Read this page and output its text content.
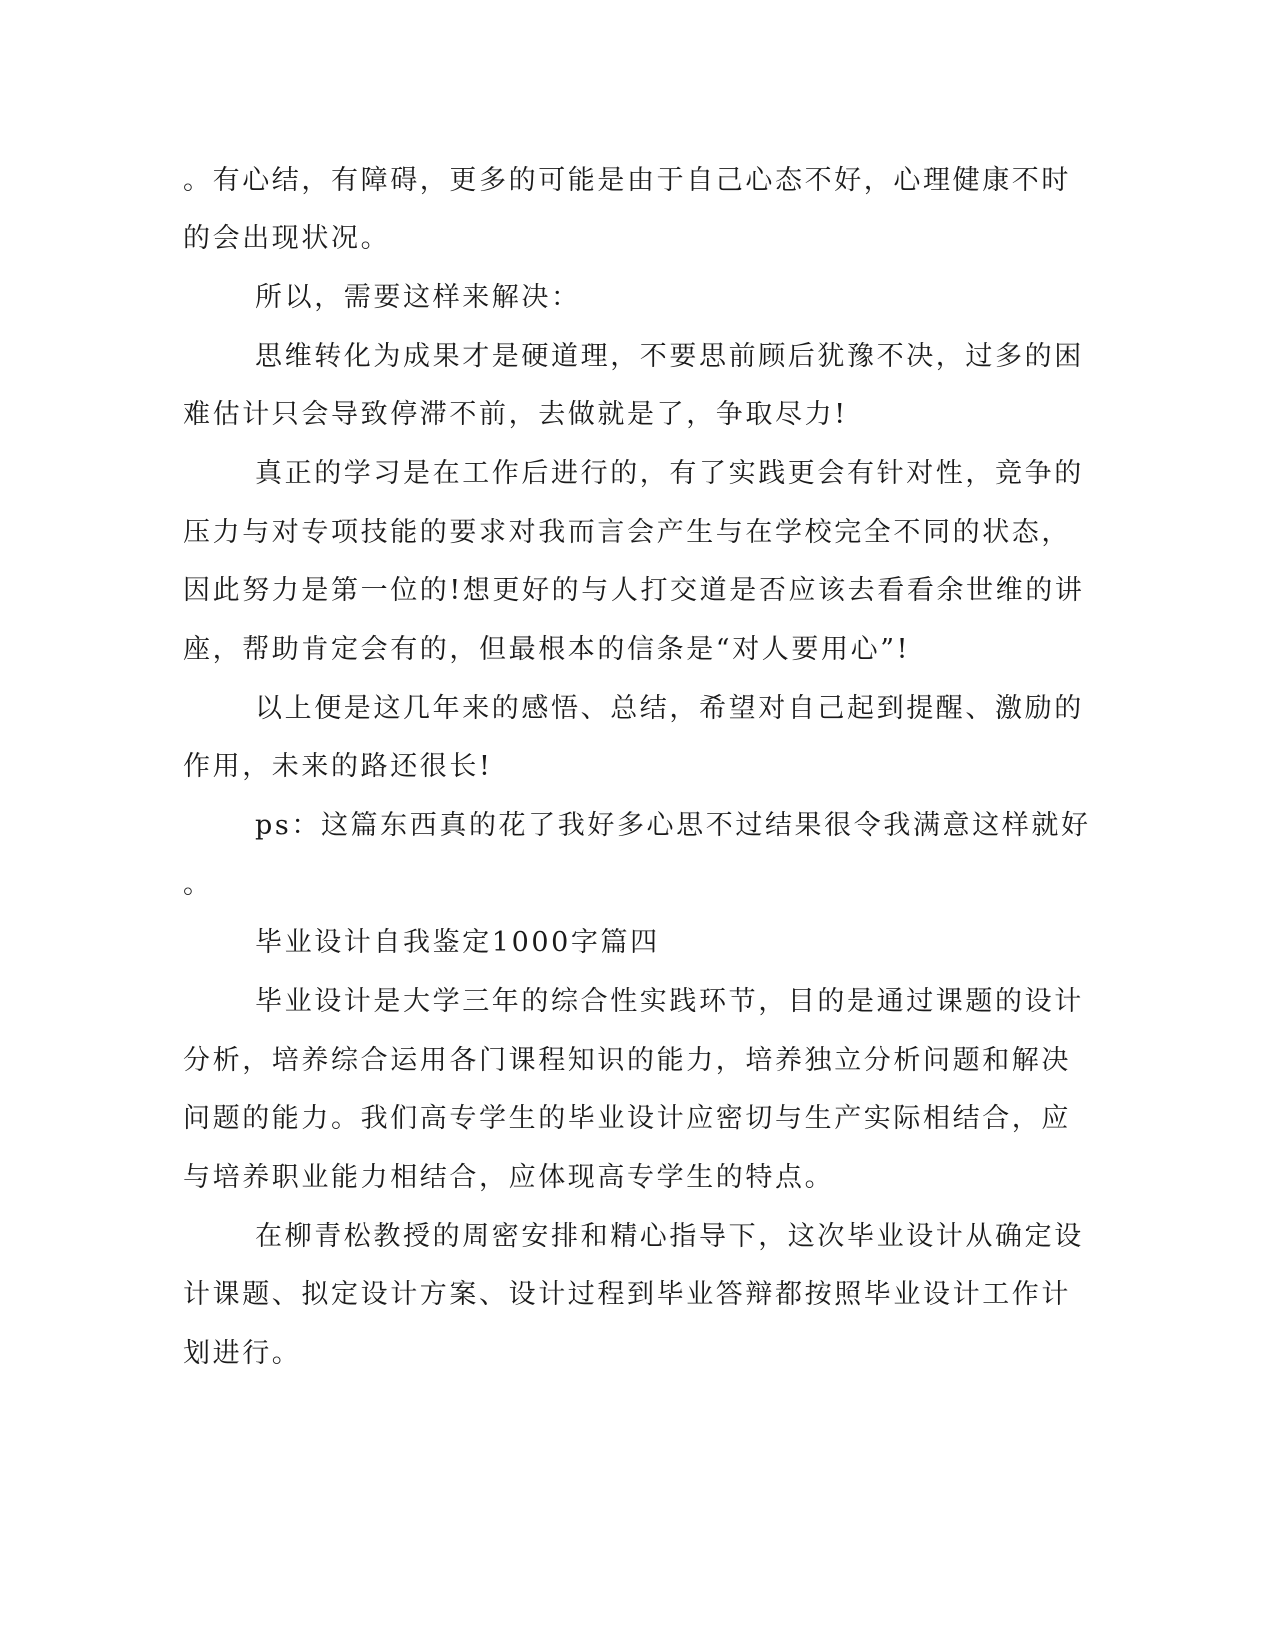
。有心结，有障碍，更多的可能是由于自己心态不好，心理健康不时
的会出现状况。
所以，需要这样来解决：
思维转化为成果才是硬道理，不要思前顾后犹豫不决，过多的困
难估计只会导致停滞不前，去做就是了，争取尽力!
真正的学习是在工作后进行的，有了实践更会有针对性，竞争的
压力与对专项技能的要求对我而言会产生与在学校完全不同的状态，
因此努力是第一位的!想更好的与人打交道是否应该去看看余世维的讲
座，帮助肯定会有的，但最根本的信条是“对人要用心”!
以上便是这几年来的感悟、总结，希望对自己起到提醒、激励的
作用，未来的路还很长!
ps：这篇东西真的花了我好多心思不过结果很令我满意这样就好
。
毕业设计自我鉴定1000字篇四
毕业设计是大学三年的综合性实践环节，目的是通过课题的设计
分析，培养综合运用各门课程知识的能力，培养独立分析问题和解决
问题的能力。我们高专学生的毕业设计应密切与生产实际相结合，应
与培养职业能力相结合，应体现高专学生的特点。
在柳青松教授的周密安排和精心指导下，这次毕业设计从确定设
计课题、拟定设计方案、设计过程到毕业答辩都按照毕业设计工作计
划进行。
